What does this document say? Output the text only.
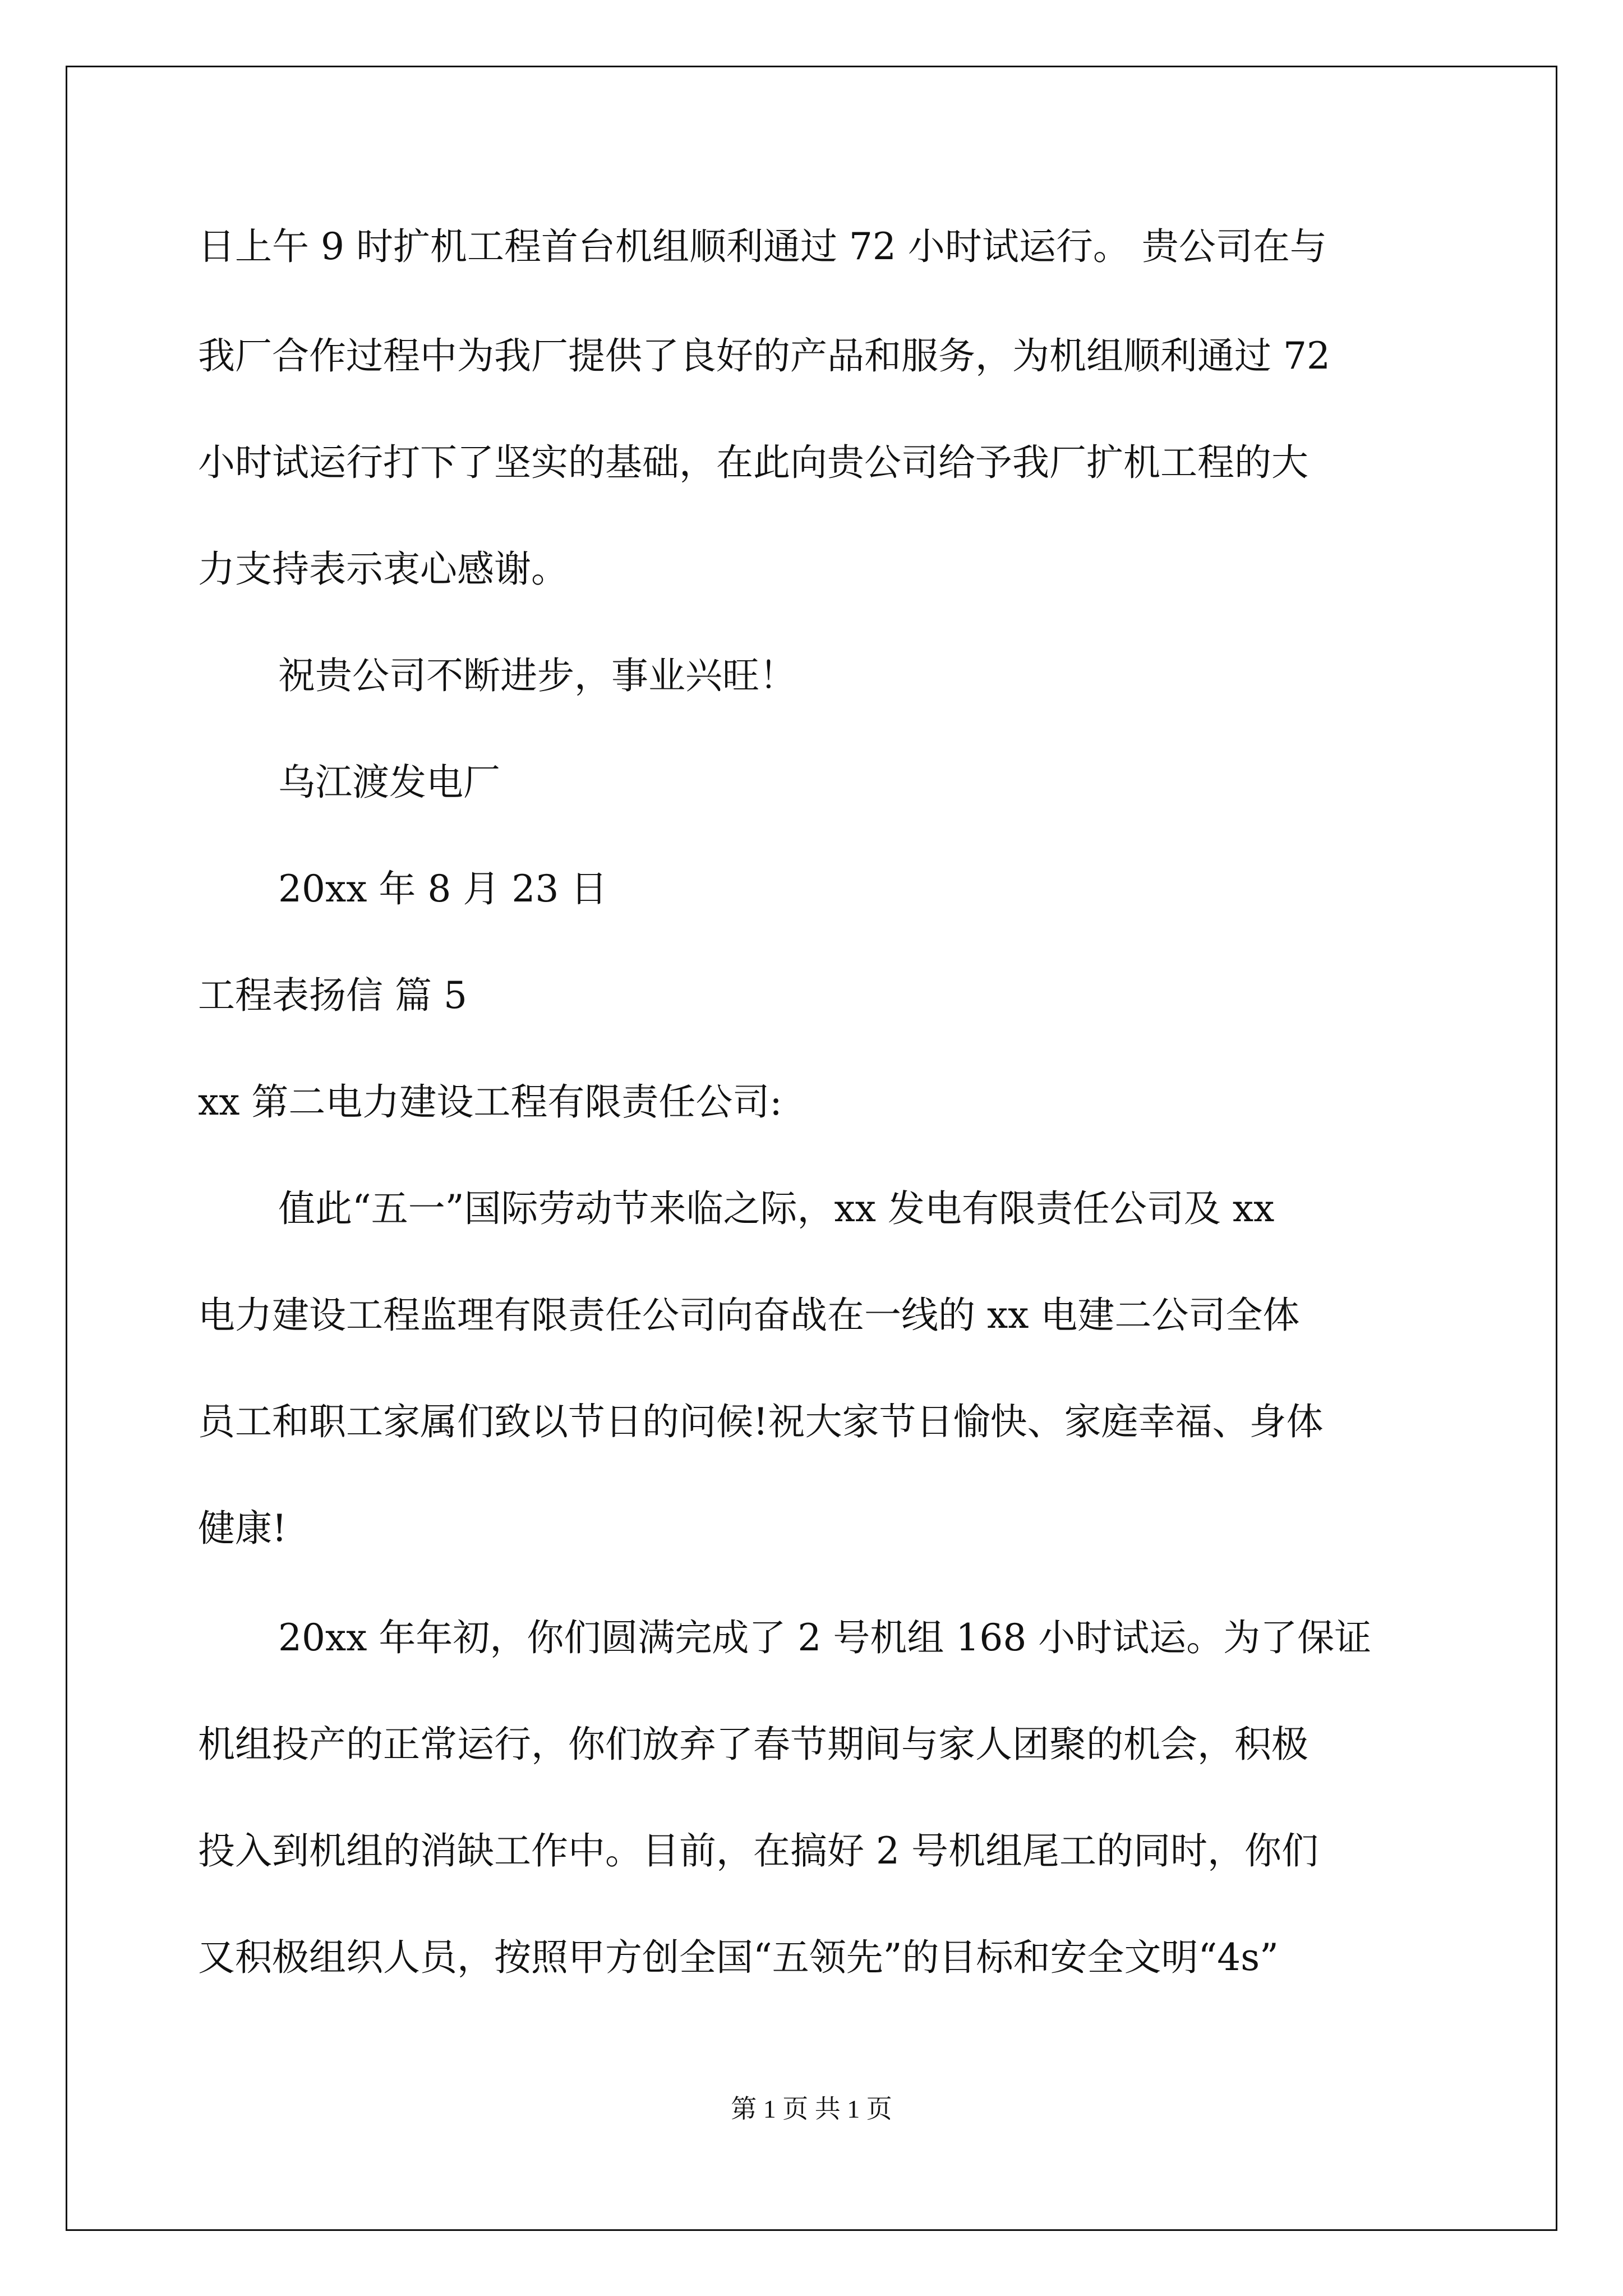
日上午 9 时扩机工程首台机组顺利通过 72 小时试运行。 贵公司在与
我厂合作过程中为我厂提供了良好的产品和服务，为机组顺利通过 72
小时试运行打下了坚实的基础，在此向贵公司给予我厂扩机工程的大
力支持表示衷心感谢。
祝贵公司不断进步，事业兴旺！
乌江渡发电厂
20xx 年 8 月 23 日
工程表扬信 篇 5
xx 第二电力建设工程有限责任公司:
值此“五一”国际劳动节来临之际，xx 发电有限责任公司及 xx
电力建设工程监理有限责任公司向奋战在一线的 xx 电建二公司全体
员工和职工家属们致以节日的问候!祝大家节日愉快、家庭幸福、身体
健康!
20xx 年年初，你们圆满完成了 2 号机组 168 小时试运。为了保证
机组投产的正常运行，你们放弃了春节期间与家人团聚的机会，积极
投入到机组的消缺工作中。目前，在搞好 2 号机组尾工的同时，你们
又积极组织人员，按照甲方创全国“五领先”的目标和安全文明“4s”
第 1 页 共 1 页
